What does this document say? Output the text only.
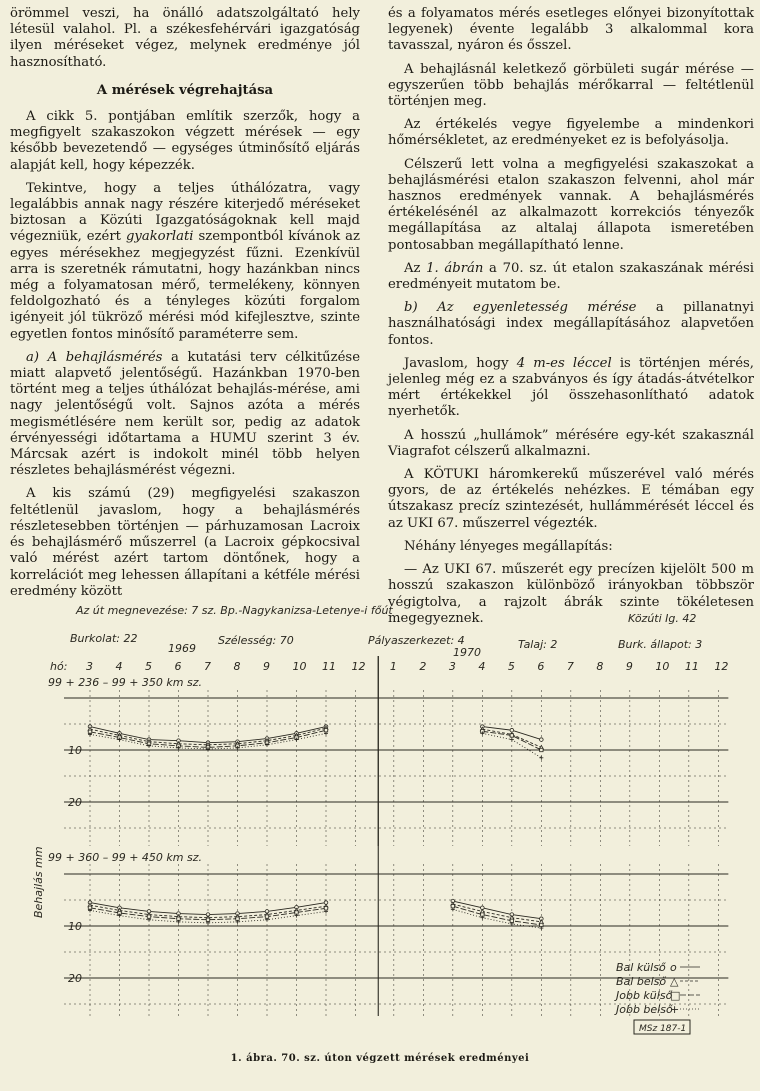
örömmel veszi, ha önálló adatszolgáltató hely létesül valahol. Pl. a székesfehérvári igazgatóság ilyen méréseket végez, melynek eredménye jól hasznosítható.

A mérések végrehajtása

A cikk 5. pontjában említik szerzők, hogy a megfigyelt szakaszokon végzett mérések — egy később bevezetendő — egységes útminősítő eljárás alapját kell, hogy képezzék.

Tekintve, hogy a teljes úthálózatra, vagy legalábbis annak nagy részére kiterjedő méréseket biztosan a Közúti Igazgatóságoknak kell majd végezniük, ezért gyakorlati szempontból kívánok az egyes mérésekhez megjegyzést fűzni. Ezenkívül arra is szeretnék rámutatni, hogy hazánkban nincs még a folyamatosan mérő, termelékeny, könnyen feldolgozható és a tényleges közúti forgalom igényeit jól tükröző mérési mód kifejlesztve, szinte egyetlen fontos minősítő paraméterre sem.

a) A behajlásmérés a kutatási terv célkitűzése miatt alapvető jelentőségű. Hazánkban 1970-ben történt meg a teljes úthálózat behajlás-mérése, ami nagy jelentőségű volt. Sajnos azóta a mérés megismétlésére nem került sor, pedig az adatok érvényességi időtartama a HUMU szerint 3 év. Márcsak azért is indokolt minél több helyen részletes behajlásmérést végezni.

A kis számú (29) megfigyelési szakaszon feltétlenül javaslom, hogy a behajlásmérés részletesebben történjen — párhuzamosan Lacroix és behajlásmérő műszerrel (a Lacroix gépkocsival való mérést azért tartom döntőnek, hogy a korrelációt meg lehessen állapítani a kétféle mérési eredmény között

és a folyamatos mérés esetleges előnyei bizonyítottak legyenek) évente legalább 3 alkalommal kora tavasszal, nyáron és ősszel.

A behajlásnál keletkező görbületi sugár mérése — egyszerűen több behajlás mérőkarral — feltétlenül történjen meg.

Az értékelés vegye figyelembe a mindenkori hőmérsékletet, az eredményeket ez is befolyásolja.

Célszerű lett volna a megfigyelési szakaszokat a behajlásmérési etalon szakaszon felvenni, ahol már hasznos eredmények vannak. A behajlásmérés értékelésénél az alkalmazott korrekciós tényezők megállapítása az altalaj állapota ismeretében pontosabban megállapítható lenne.

Az 1. ábrán a 70. sz. út etalon szakaszának mérési eredményeit mutatom be.

b) Az egyenletesség mérése a pillanatnyi használhatósági index megállapításához alapvetően fontos.

Javaslom, hogy 4 m-es léccel is történjen mérés, jelenleg még ez a szabványos és így átadás-átvételkor mért értékekkel jól összehasonlítható adatok nyerhetők.

A hosszú „hullámok” mérésére egy-két szakasznál Viagrafot célszerű alkalmazni.

A KÖTUKI háromkerekű műszerével való mérés gyors, de az értékelés nehézkes. E témában egy útszakasz precíz szintezését, hullámmérését léccel és az UKI 67. műszerrel végezték.

Néhány lényeges megállapítás:

— Az UKI 67. műszerét egy precízen kijelölt 500 m hosszú szakaszon különböző irányokban többször végigtolva, a rajzolt ábrák szinte tökéletesen megegyeznek.

Az út megnevezése: 7 sz. Bp.-Nagykanizsa-Letenye-i főút
Közúti Ig. 42
Burkolat: 22
1969
Szélesség: 70	Pályaszerkezet: 4
1970
Talaj: 2	Burk. állapot: 3
hó:
99 + 236 – 99 + 350 km sz.
99 + 360 – 99 + 450 km sz.
Behajlás mm
3 4 5 6 7 8 9 10 11 12 1 2 3 4 5 6 7 8 9 10 11 12
10
20
10
20
Bal külső o
Bal belső △
Jobb külső
□
Jobb belső
+
MSz 187-1
1. ábra. 70. sz. úton végzett mérések eredményei
